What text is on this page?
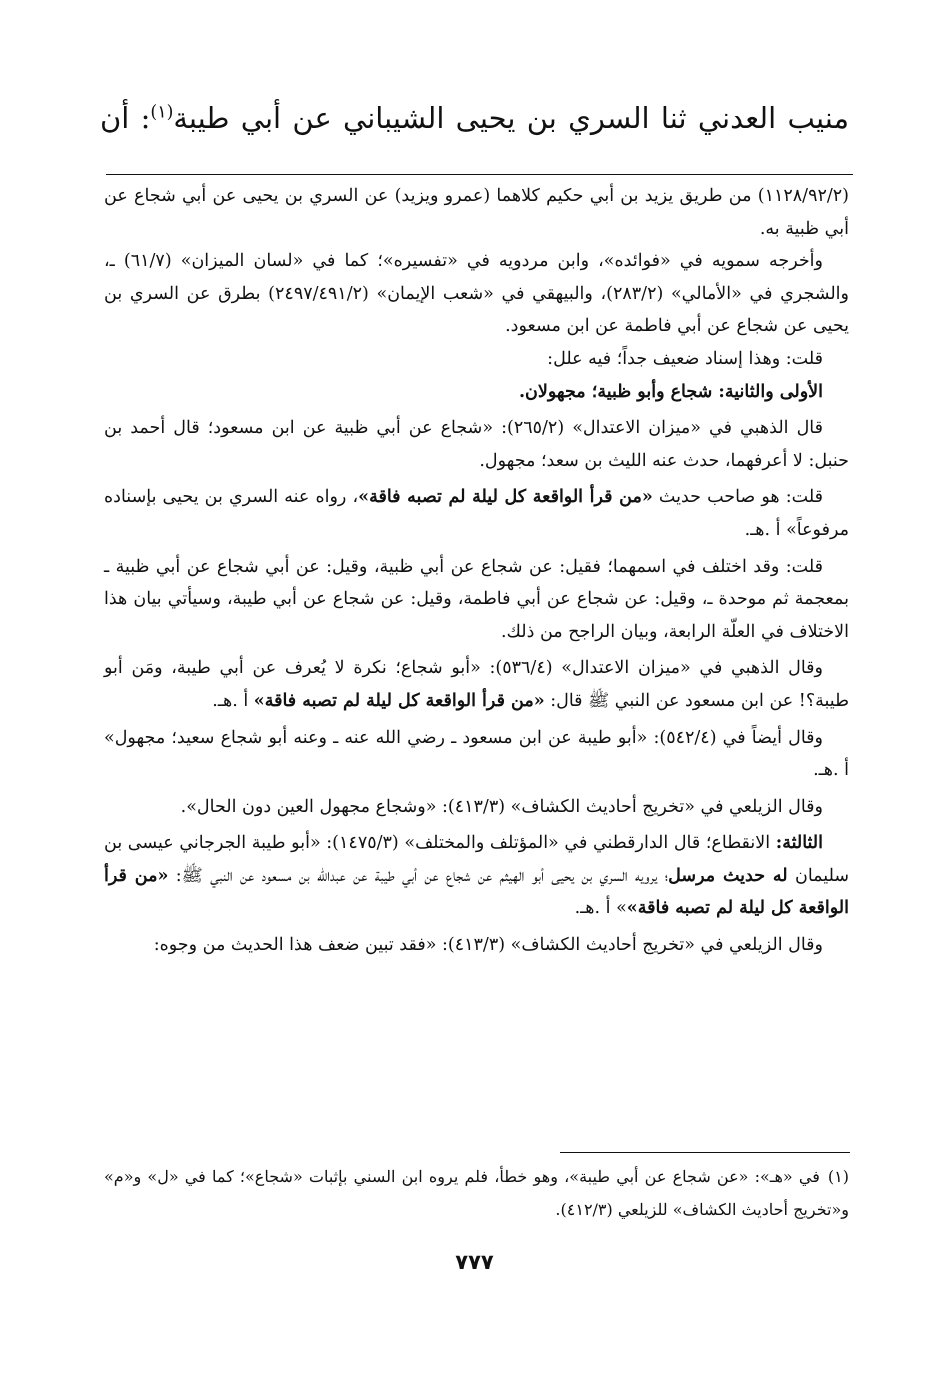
منيب العدني ثنا السري بن يحيى الشيباني عن أبي طيبة$^{(١)}$: أن

(١١٢٨/٩٢/٢) من طريق يزيد بن أبي حكيم كلاهما (عمرو ويزيد) عن السري بن يحيى عن أبي شجاع عن أبي ظبية به.

وأخرجه سمويه في «فوائده»، وابن مردويه في «تفسيره»؛ كما في «لسان الميزان» (٦١/٧) ـ، والشجري في «الأمالي» (٢٨٣/٢)، والبيهقي في «شعب الإيمان» (٢٤٩٧/٤٩١/٢) بطرق عن السري بن يحيى عن شجاع عن أبي فاطمة عن ابن مسعود.

قلت: وهذا إسناد ضعيف جداً؛ فيه علل:

الأولى والثانية: شجاع وأبو ظبية؛ مجهولان.

قال الذهبي في «ميزان الاعتدال» (٢٦٥/٢): «شجاع عن أبي ظبية عن ابن مسعود؛ قال أحمد بن حنبل: لا أعرفهما، حدث عنه الليث بن سعد؛ مجهول.

قلت: هو صاحب حديث «من قرأ الواقعة كل ليلة لم تصبه فاقة»، رواه عنه السري بن يحيى بإسناده مرفوعاً» أ .هـ.

قلت: وقد اختلف في اسمهما؛ فقيل: عن شجاع عن أبي ظبية، وقيل: عن أبي شجاع عن أبي ظبية ـ بمعجمة ثم موحدة ـ، وقيل: عن شجاع عن أبي فاطمة، وقيل: عن شجاع عن أبي طيبة، وسيأتي بيان هذا الاختلاف في العلّة الرابعة، وبيان الراجح من ذلك.

وقال الذهبي في «ميزان الاعتدال» (٥٣٦/٤): «أبو شجاع؛ نكرة لا يُعرف عن أبي طيبة، ومَن أبو طيبة؟! عن ابن مسعود عن النبي ﷺ قال: «من قرأ الواقعة كل ليلة لم تصبه فاقة» أ .هـ.

وقال أيضاً في (٥٤٢/٤): «أبو طيبة عن ابن مسعود ـ رضي الله عنه ـ وعنه أبو شجاع سعيد؛ مجهول» أ .هـ.

وقال الزيلعي في «تخريج أحاديث الكشاف» (٤١٣/٣): «وشجاع مجهول العين دون الحال».

الثالثة: الانقطاع؛ قال الدارقطني في «المؤتلف والمختلف» (١٤٧٥/٣): «أبو طيبة الجرجاني عيسى بن سليمان له حديث مرسل؛ يرويه السري بن يحيى أبو الهيثم عن شجاع عن أبي طيبة عن عبدالله بن مسعود عن النبي ﷺ: «من قرأ الواقعة كل ليلة لم تصبه فاقة»» أ .هـ.

وقال الزيلعي في «تخريج أحاديث الكشاف» (٤١٣/٣): «فقد تبين ضعف هذا الحديث من وجوه:

(١)في «هـ»: «عن شجاع عن أبي طيبة»، وهو خطأ، فلم يروه ابن السني بإثبات «شجاع»؛ كما في «ل» و«م» و«تخريج أحاديث الكشاف» للزيلعي (٤١٢/٣).
٧٧٧
